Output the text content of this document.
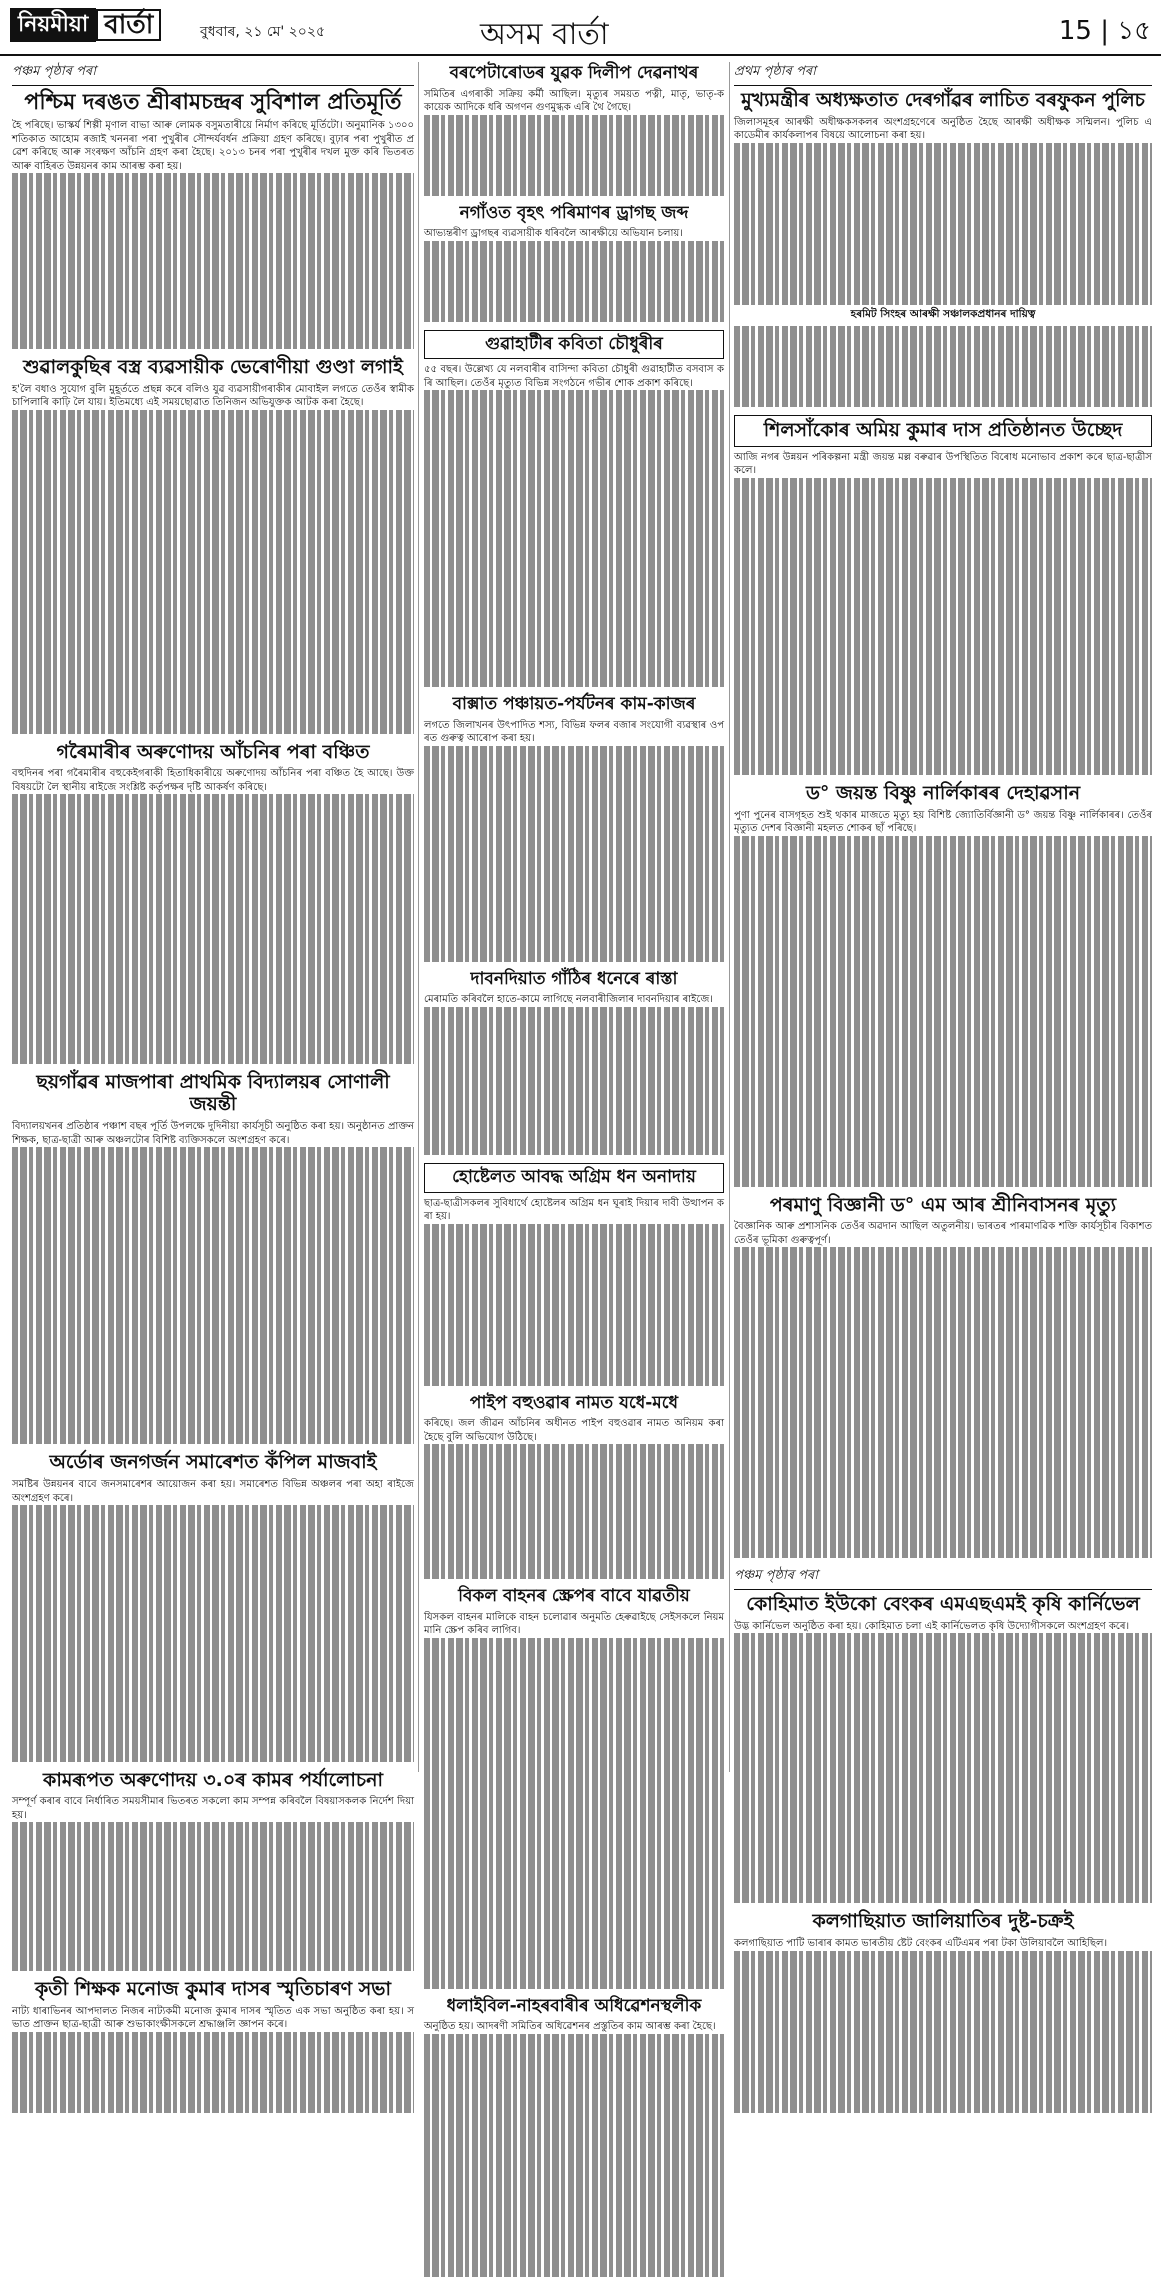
নিয়মীয়া বার্তা	বুধবাৰ, ২১ মে' ২০২৫	অসম বাৰ্তা	15 | ১৫
পঞ্চম পৃষ্ঠাৰ পৰা
পশ্চিম দৰঙত শ্ৰীৰামচন্দ্ৰৰ সুবিশাল প্ৰতিমূৰ্তি

হৈ পৰিছে। ভাস্কৰ্য শিল্পী মৃণাল বাভা আৰু লোমক বসুমতাৰীয়ে নিৰ্মাণ কৰিছে মূৰ্তিটো। অনুমানিক ১৩০০ শতিকাত আহোম ৰজাই খননৰা পৰা পুখুৰীৰ সৌন্দৰ্যবৰ্ধন প্ৰক্ৰিয়া গ্ৰহণ কৰিছে। বুঢ়াৰ পৰা পুখুৰীত প্ৰৱেশ কৰিছে আৰু সংৰক্ষণ আঁচনি গ্ৰহণ কৰা হৈছে। ২০১৩ চনৰ পৰা পুখুৰীৰ দখল মুক্ত কৰি ভিতৰত আৰু বাহিৰত উন্নয়নৰ কাম আৰম্ভ কৰা হয়।

শুৱালকুছিৰ বস্ত্ৰ ব্যৱসায়ীক ভেৰোণীয়া গুণ্ডা লগাই

হ'লৈ বধাও সুযোগ বুলি মুহূৰ্ততে প্ৰছন্ন কৰে বলিও যুৱ ব্যৱসায়ীগৰাকীৰ মোবাইল লগতে তেওঁৰ স্বামীক চাপিলাৰি কাঢ়ি লৈ যায়। ইতিমধ্যে এই সময়ছোৱাত তিনিজন অভিযুক্তক আটক কৰা হৈছে।

গৰৈমাৰীৰ অৰুণোদয় আঁচনিৰ পৰা বঞ্চিত

বহুদিনৰ পৰা গৰৈমাৰীৰ বহুকেইগৰাকী হিতাধিকাৰীয়ে অৰুণোদয় আঁচনিৰ পৰা বঞ্চিত হৈ আছে। উক্ত বিষয়টো লৈ স্থানীয় ৰাইজে সংশ্লিষ্ট কৰ্তৃপক্ষৰ দৃষ্টি আকৰ্ষণ কৰিছে।

ছয়গাঁৱৰ মাজপাৰা প্ৰাথমিক বিদ্যালয়ৰ সোণালী জয়ন্তী

বিদ্যালয়খনৰ প্ৰতিষ্ঠাৰ পঞ্চাশ বছৰ পূৰ্তি উপলক্ষে দুদিনীয়া কাৰ্যসূচী অনুষ্ঠিত কৰা হয়। অনুষ্ঠানত প্ৰাক্তন শিক্ষক, ছাত্ৰ-ছাত্ৰী আৰু অঞ্চলটোৰ বিশিষ্ট ব্যক্তিসকলে অংশগ্ৰহণ কৰে।

অৰ্ডোৰ জনগৰ্জন সমাৰেশত কঁপিল মাজবাই

সমষ্টিৰ উন্নয়নৰ বাবে জনসমাৰেশৰ আয়োজন কৰা হয়। সমাৰেশত বিভিন্ন অঞ্চলৰ পৰা অহা ৰাইজে অংশগ্ৰহণ কৰে।

কামৰূপত অৰুণোদয় ৩.০ৰ কামৰ পৰ্যালোচনা

সম্পূৰ্ণ কৰাৰ বাবে নিৰ্ধাৰিত সময়সীমাৰ ভিতৰত সকলো কাম সম্পন্ন কৰিবলৈ বিষয়াসকলক নিৰ্দেশ দিয়া হয়।

কৃতী শিক্ষক মনোজ কুমাৰ দাসৰ স্মৃতিচাৰণ সভা

নাট্য ধাৰাভিনৰ আপদালত নিজৰ নাট্যকমী মনোজ কুমাৰ দাসৰ স্মৃতিত এক সভা অনুষ্ঠিত কৰা হয়। সভাত প্ৰাক্তন ছাত্ৰ-ছাত্ৰী আৰু শুভাকাংক্ষীসকলে শ্ৰদ্ধাঞ্জলি জ্ঞাপন কৰে।

বৰপেটাৰোডৰ যুৱক দিলীপ দেৱনাথৰ

সমিতিৰ এগৰাকী সক্ৰিয় কৰ্মী আছিল। মৃত্যুৰ সময়ত পত্নী, মাতৃ, ভাতৃ-ককায়েক আদিকে ধৰি অগণন গুণমুগ্ধক এৰি থৈ গৈছে।

নগাঁওত বৃহৎ পৰিমাণৰ ড্ৰাগছ জব্দ

আভ্যন্তৰীণ ড্ৰাগছৰ ব্যৱসায়ীক ধৰিবলৈ আৰক্ষীয়ে অভিযান চলায়।

গুৱাহাটীৰ কবিতা চৌধুৰীৰ

৫৫ বছৰ। উল্লেখ্য যে নলবাৰীৰ বাসিন্দা কবিতা চৌধুৰী গুৱাহাটীত বসবাস কৰি আছিল। তেওঁৰ মৃত্যুত বিভিন্ন সংগঠনে গভীৰ শোক প্ৰকাশ কৰিছে।

বাক্সাত পঞ্চায়ত-পৰ্যটনৰ কাম-কাজৰ

লগতে জিলাখনৰ উৎপাদিত শস্য, বিভিন্ন ফলৰ বজাৰ সংযোগী ব্যৱস্থাৰ ওপৰত গুৰুত্ব আৰোপ কৰা হয়।

দাবনদিয়াত গাঁঠিৰ ধনেৰে ৰাস্তা

মেৰামতি কৰিবলৈ হাতে-কামে লাগিছে নলবাৰীজিলাৰ দাবনদিয়াৰ ৰাইজে।

হোষ্টেলত আবদ্ধ অগ্ৰিম ধন অনাদায়

ছাত্ৰ-ছাত্ৰীসকলৰ সুবিধাৰ্থে হোষ্টেলৰ অগ্ৰিম ধন ঘূৰাই দিয়াৰ দাবী উত্থাপন কৰা হয়।

পাইপ বহুওৱাৰ নামত যধে-মধে

কৰিছে। জল জীৱন আঁচনিৰ অধীনত পাইপ বহুওৱাৰ নামত অনিয়ম কৰা হৈছে বুলি অভিযোগ উঠিছে।

বিকল বাহনৰ স্ক্ৰেপৰ বাবে যাৱতীয়

যিসকল বাহনৰ মালিকে বাহন চলোৱাৰ অনুমতি হেৰুৱাইছে সেইসকলে নিয়ম মানি স্ক্ৰেপ কৰিব লাগিব।

ধলাইবিল-নাহৰবাৰীৰ অধিৱেশনস্থলীক

অনুষ্ঠিত হয়। আদৰণী সমিতিৰ অধিৱেশনৰ প্ৰস্তুতিৰ কাম আৰম্ভ কৰা হৈছে।

প্ৰথম পৃষ্ঠাৰ পৰা
মুখ্যমন্ত্ৰীৰ অধ্যক্ষতাত দেৰগাঁৱৰ লাচিত বৰফুকন পুলিচ

জিলাসমূহৰ আৰক্ষী অধীক্ষকসকলৰ অংশগ্ৰহণেৰে অনুষ্ঠিত হৈছে আৰক্ষী অধীক্ষক সন্মিলন। পুলিচ একাডেমীৰ কাৰ্যকলাপৰ বিষয়ে আলোচনা কৰা হয়।

হৰমিট সিংহৰ আৰক্ষী সঞ্চালকপ্ৰধানৰ দায়িত্ব
শিলসাঁকোৰ অমিয় কুমাৰ দাস প্ৰতিষ্ঠানত উচ্ছেদ

আজি নগৰ উন্নয়ন পৰিকল্পনা মন্ত্ৰী জয়ন্ত মল্ল বৰুৱাৰ উপস্থিতিত বিৰোধ মনোভাব প্ৰকাশ কৰে ছাত্ৰ-ছাত্ৰীসকলে।

ড° জয়ন্ত বিষ্ণু নাৰ্লিকাৰৰ দেহাৱসান

পুণা পুনেৰ বাসগৃহত শুই থকাৰ মাজতে মৃত্যু হয় বিশিষ্ট জ্যোতিৰ্বিজ্ঞানী ড° জয়ন্ত বিষ্ণু নাৰ্লিকাৰৰ। তেওঁৰ মৃত্যুত দেশৰ বিজ্ঞানী মহলত শোকৰ ছাঁ পৰিছে।

পৰমাণু বিজ্ঞানী ড° এম আৰ শ্ৰীনিবাসনৰ মৃত্যু

বৈজ্ঞানিক আৰু প্ৰশাসনিক তেওঁৰ অৱদান আছিল অতুলনীয়। ভাৰতৰ পাৰমাণৱিক শক্তি কাৰ্যসূচীৰ বিকাশত তেওঁৰ ভূমিকা গুৰুত্বপূৰ্ণ।

পঞ্চম পৃষ্ঠাৰ পৰা
কোহিমাত ইউকো বেংকৰ এমএছএমই কৃষি কাৰ্নিভেল

উদ্ভ কাৰ্নিভেল অনুষ্ঠিত কৰা হয়। কোহিমাত চলা এই কাৰ্নিভেলত কৃষি উদ্যোগীসকলে অংশগ্ৰহণ কৰে।

কলগাছিয়াত জালিয়াতিৰ দুষ্ট-চক্ৰই

কলগাছিয়াত পাটি ভাৰাৰ কামত ভাৰতীয় ষ্টেট বেংকৰ এটিএমৰ পৰা টকা উলিয়াবলৈ আহিছিল।
